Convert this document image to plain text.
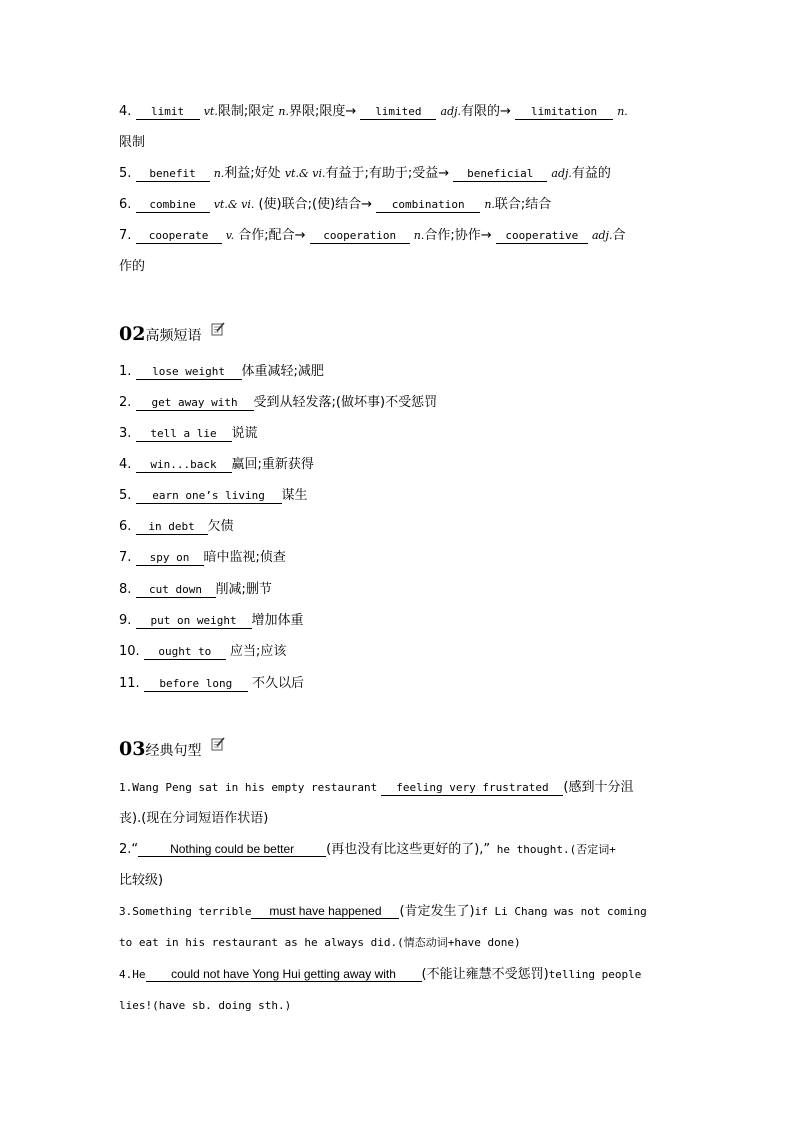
4. limit vt.限制;限定 n.界限;限度→ limited adj.有限的→ limitation n.
限制
5. benefit n.利益;好处 vt.& vi.有益于;有助于;受益→ beneficial adj.有益的
6. combine vt.& vi. (使)联合;(使)结合→ combination n.联合;结合
7. cooperate v. 合作;配合→ cooperation n.合作;协作→ cooperative adj.合
作的
02高频短语
1. lose weight 体重减轻;减肥
2. get away with 受到从轻发落;(做坏事)不受惩罚
3. tell a lie 说谎
4. win...back 赢回;重新获得
5. earn one’s living 谋生
6. in debt 欠债
7. spy on 暗中监视;侦查
8. cut down 削减;删节
9. put on weight 增加体重
10. ought to 应当;应该
11. before long 不久以后
03经典句型
1.Wang Peng sat in his empty restaurant feeling very frustrated (感到十分沮
丧).(现在分词短语作状语)
2.“	Nothing could be better (再也没有比这些更好的了),” he thought.(否定词+
比较级)
3.Something terrible must have happened (肯定发生了)if Li Chang was not coming
to eat in his restaurant as he always did.(情态动词+have done)
4.He could not have Yong Hui getting away with (不能让雍慧不受惩罚)telling people
lies!(have sb. doing sth.)
